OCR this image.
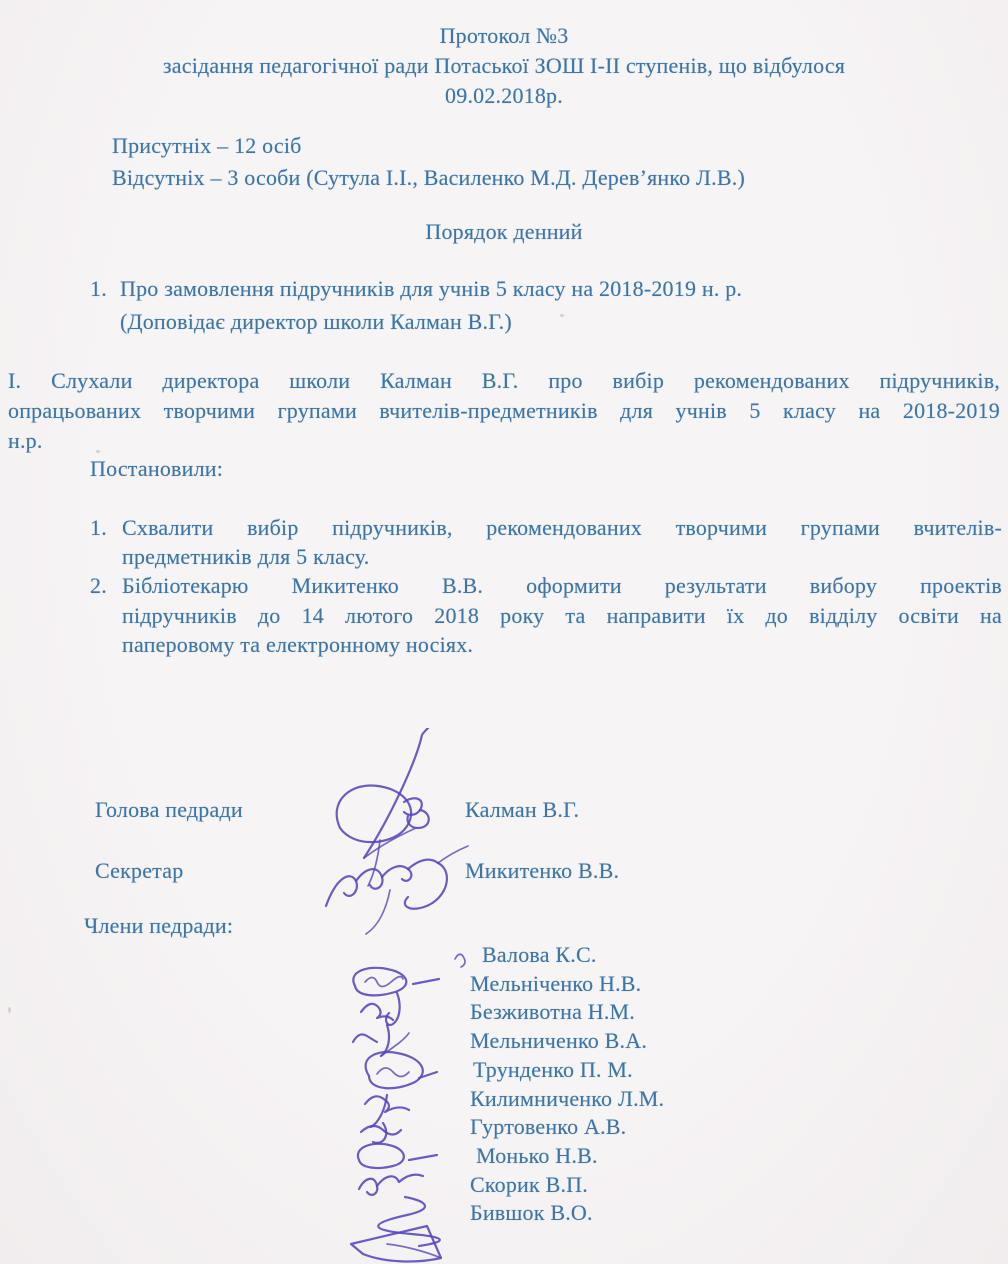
Протокол №3
засідання педагогічної ради Потаської ЗОШ І-ІІ ступенів, що відбулося
09.02.2018р.
Присутніх – 12 осіб
Відсутніх – 3 особи (Сутула І.І., Василенко М.Д. Дерев’янко Л.В.)
Порядок денний
1. Про замовлення підручників для учнів 5 класу на 2018-2019 н. р.
(Доповідає директор школи Калман В.Г.)
І. Слухали директора школи Калман В.Г. про вибір рекомендованих підручників,
опрацьованих творчими групами вчителів-предметників для учнів 5 класу на 2018-2019
н.р.
Постановили:
1. Схвалити вибір підручників, рекомендованих творчими групами вчителів-
предметників для 5 класу.
2. Бібліотекарю Микитенко В.В. оформити результати вибору проектів
підручників до 14 лютого 2018 року та направити їх до відділу освіти на
паперовому та електронному носіях.
Голова педради	Калман В.Г.
Секретар	Микитенко В.В.
Члени педради:
Валова К.С.
Мельніченко Н.В.
Безживотна Н.М.
Мельниченко В.А.
Трунденко П. М.
Килимниченко Л.М.
Гуртовенко А.В.
Монько Н.В.
Скорик В.П.
Бившок В.О.
